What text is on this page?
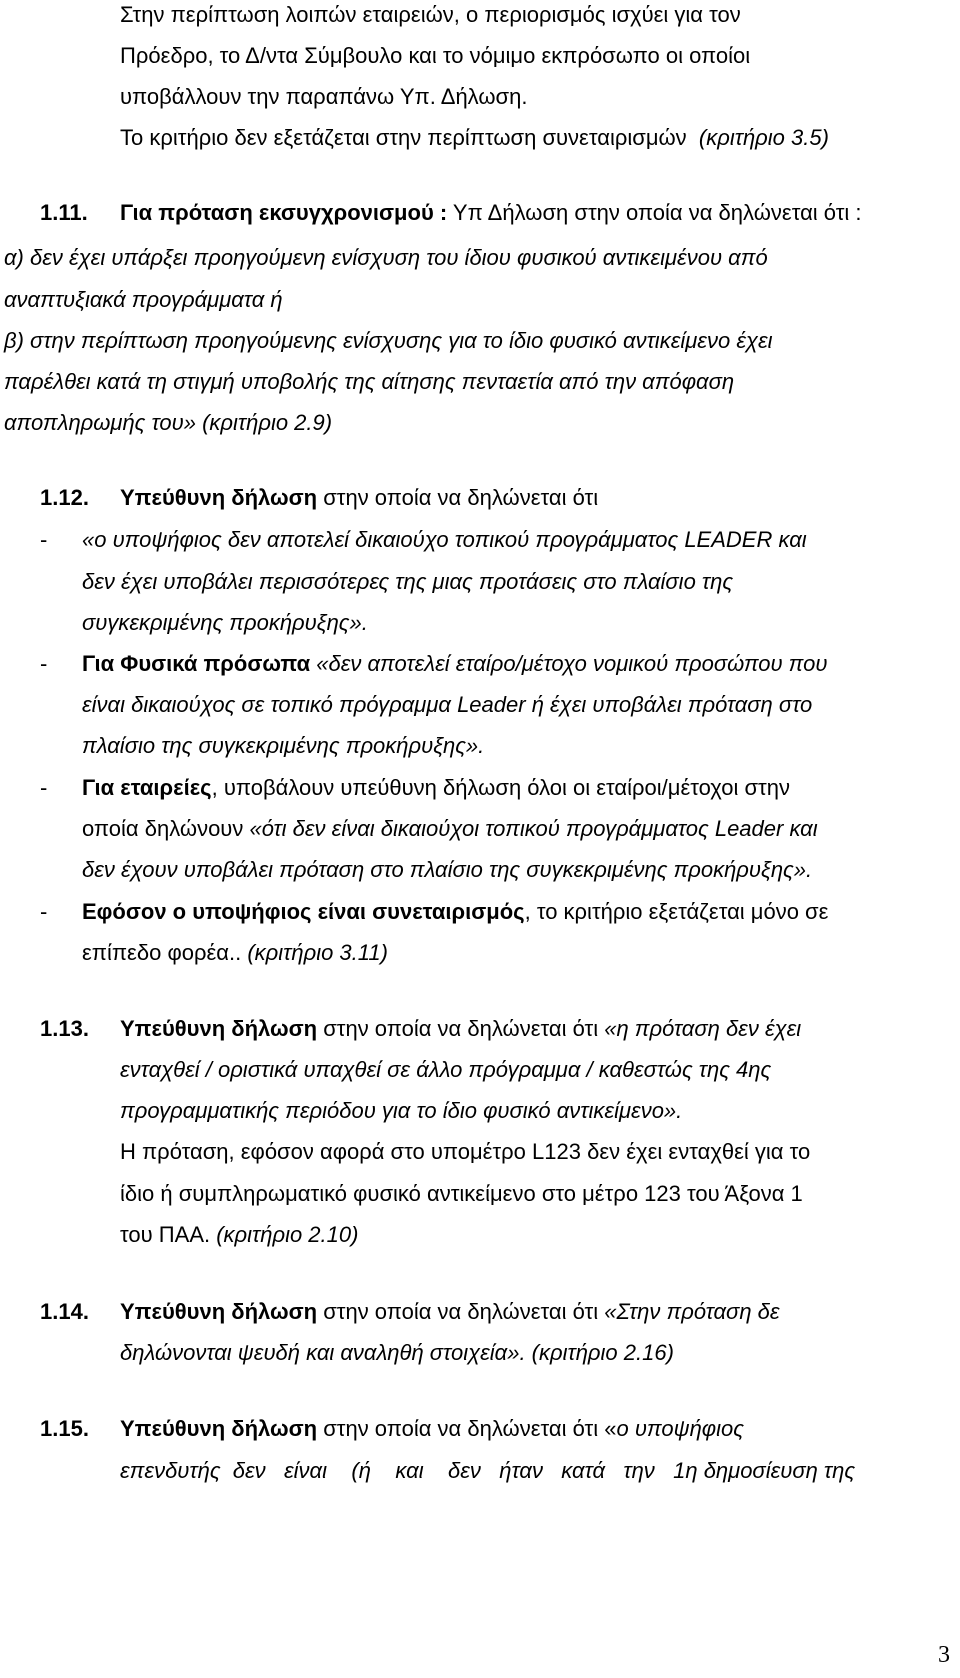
Στην περίπτωση λοιπών εταιρειών, ο περιορισμός ισχύει για τον
Πρόεδρο, το Δ/ντα Σύμβουλο και το νόμιμο εκπρόσωπο οι οποίοι
υποβάλλουν την παραπάνω Υπ. Δήλωση.
Το κριτήριο δεν εξετάζεται στην περίπτωση συνεταιρισμών (κριτήριο 3.5)
1.11. Για πρόταση εκσυγχρονισμού : Υπ Δήλωση στην οποία να δηλώνεται ότι :
α) δεν έχει υπάρξει προηγούμενη ενίσχυση του ίδιου φυσικού αντικειμένου από
αναπτυξιακά προγράμματα ή
β) στην περίπτωση προηγούμενης ενίσχυσης για το ίδιο φυσικό αντικείμενο έχει
παρέλθει κατά τη στιγμή υποβολής της αίτησης πενταετία από την απόφαση
αποπληρωμής του» (κριτήριο 2.9)
1.12. Υπεύθυνη δήλωση στην οποία να δηλώνεται ότι
- «ο υποψήφιος δεν αποτελεί δικαιούχο τοπικού προγράμματος LEADER και
δεν έχει υποβάλει περισσότερες της μιας προτάσεις στο πλαίσιο της
συγκεκριμένης προκήρυξης».
- Για Φυσικά πρόσωπα «δεν αποτελεί εταίρο/μέτοχο νομικού προσώπου που
είναι δικαιούχος σε τοπικό πρόγραμμα Leader ή έχει υποβάλει πρόταση στο
πλαίσιο της συγκεκριμένης προκήρυξης».
- Για εταιρείες, υποβάλουν υπεύθυνη δήλωση όλοι οι εταίροι/μέτοχοι στην
οποία δηλώνουν «ότι δεν είναι δικαιούχοι τοπικού προγράμματος Leader και
δεν έχουν υποβάλει πρόταση στο πλαίσιο της συγκεκριμένης προκήρυξης».
- Εφόσον ο υποψήφιος είναι συνεταιρισμός, το κριτήριο εξετάζεται μόνο σε
επίπεδο φορέα.. (κριτήριο 3.11)
1.13. Υπεύθυνη δήλωση στην οποία να δηλώνεται ότι «η πρόταση δεν έχει
ενταχθεί / οριστικά υπαχθεί σε άλλο πρόγραμμα / καθεστώς της 4ης
προγραμματικής περιόδου για το ίδιο φυσικό αντικείμενο».
Η πρόταση, εφόσον αφορά στο υπομέτρο L123 δεν έχει ενταχθεί για το
ίδιο ή συμπληρωματικό φυσικό αντικείμενο στο μέτρο 123 του Άξονα 1
του ΠΑΑ. (κριτήριο 2.10)
1.14. Υπεύθυνη δήλωση στην οποία να δηλώνεται ότι «Στην πρόταση δε
δηλώνονται ψευδή και αναληθή στοιχεία». (κριτήριο 2.16)
1.15. Υπεύθυνη δήλωση στην οποία να δηλώνεται ότι «ο υποψήφιος
επενδυτής  δεν   είναι    (ή    και    δεν   ήταν   κατά   την   1η δημοσίευση της
3
